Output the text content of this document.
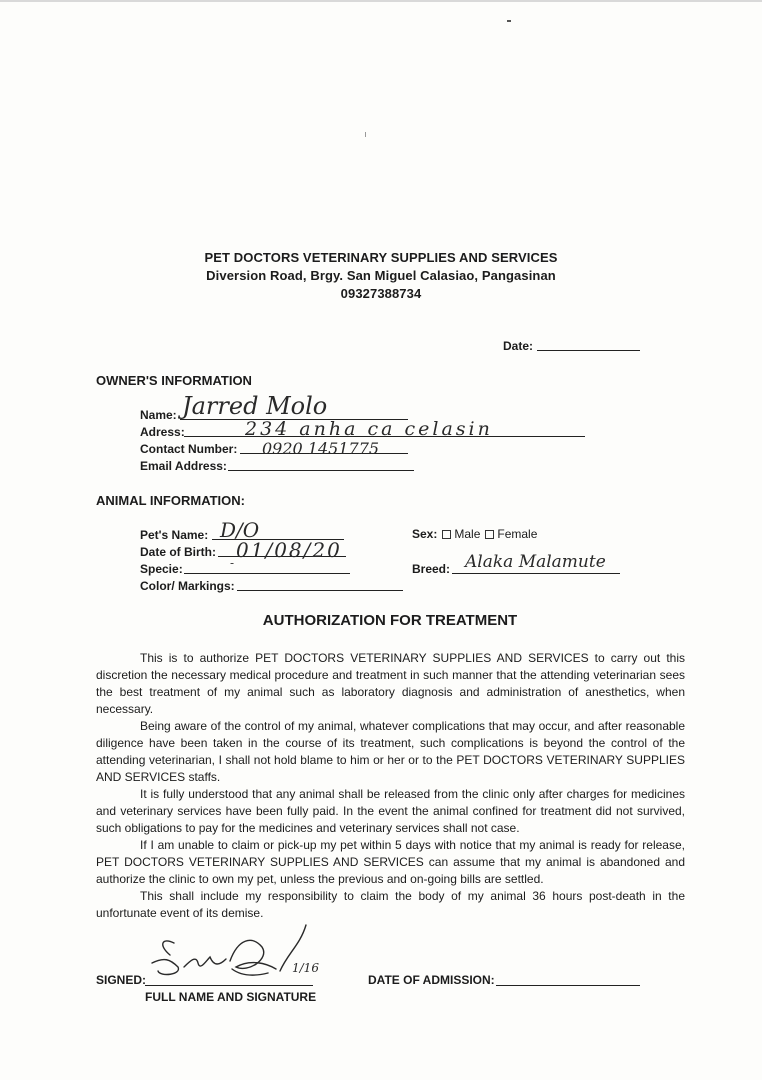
PET DOCTORS VETERINARY SUPPLIES AND SERVICES
Diversion Road, Brgy. San Miguel Calasiao, Pangasinan
09327388734
Date:
OWNER'S INFORMATION
Name: Jarred Molo
Adress:	234 anha ca celasin
Contact Number: 0920 1451775
Email Address:
ANIMAL INFORMATION:
Pet's Name: D/O
Date of Birth: 01/08/20
Specie:	-
Color/ Markings:
Sex: Male Female
Breed: Alaka Malamute
AUTHORIZATION FOR TREATMENT

This is to authorize PET DOCTORS VETERINARY SUPPLIES AND SERVICES to carry out this discretion the necessary medical procedure and treatment in such manner that the attending veterinarian sees the best treatment of my animal such as laboratory diagnosis and administration of anesthetics, when necessary.

Being aware of the control of my animal, whatever complications that may occur, and after reasonable diligence have been taken in the course of its treatment, such complications is beyond the control of the attending veterinarian, I shall not hold blame to him or her or to the PET DOCTORS VETERINARY SUPPLIES AND SERVICES staffs.

It is fully understood that any animal shall be released from the clinic only after charges for medicines and veterinary services have been fully paid. In the event the animal confined for treatment did not survived, such obligations to pay for the medicines and veterinary services shall not case.

If I am unable to claim or pick-up my pet within 5 days with notice that my animal is ready for release, PET DOCTORS VETERINARY SUPPLIES AND SERVICES can assume that my animal is abandoned and authorize the clinic to own my pet, unless the previous and on-going bills are settled.

This shall include my responsibility to claim the body of my animal 36 hours post-death in the unfortunate event of its demise.

SIGNED:
1/16
FULL NAME AND SIGNATURE
DATE OF ADMISSION:
